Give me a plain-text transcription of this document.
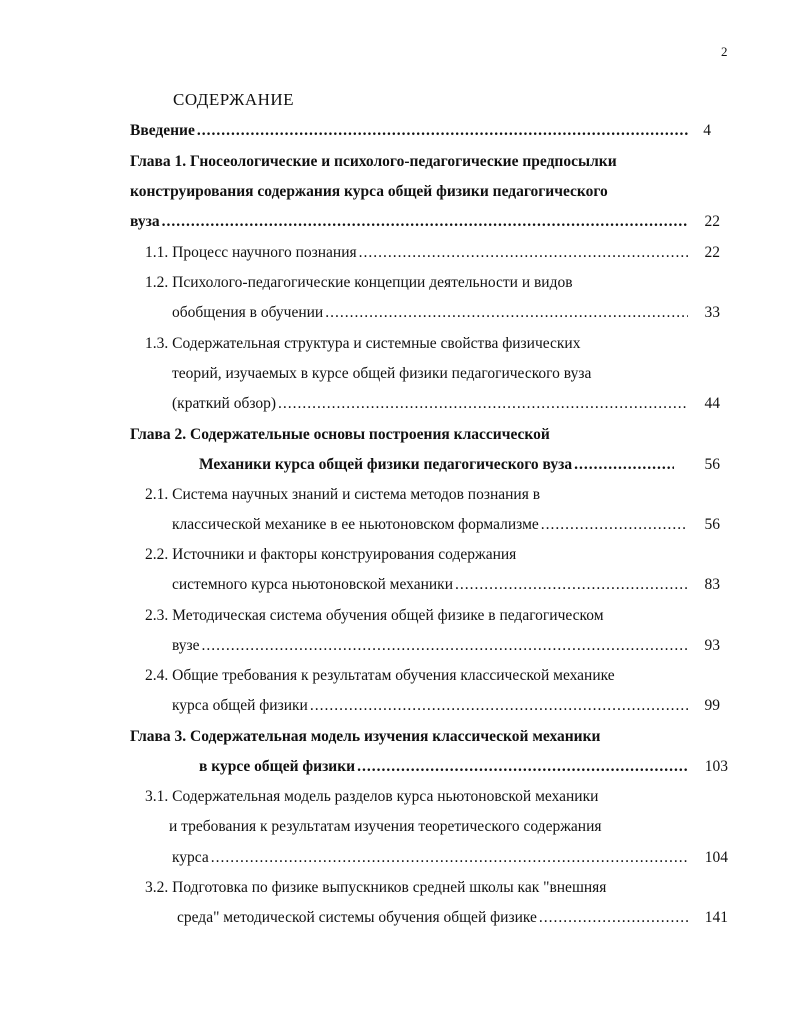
2
СОДЕРЖАНИЕ
Введение .....	4
Глава 1. Гносеологические и психолого-педагогические предпосылки
конструирования содержания курса общей физики педагогического
вуза .....	22
1.1. Процесс научного познания .....	22
1.2. Психолого-педагогические концепции деятельности и видов
обобщения в обучении .....	33
1.3. Содержательная структура и системные свойства физических
теорий, изучаемых в курсе общей физики педагогического вуза
(краткий обзор) .....	44
Глава 2. Содержательные основы построения классической
Механики курса общей физики педагогического вуза .....	56
2.1. Система научных знаний и система методов познания в
классической механике в ее ньютоновском формализме .....	56
2.2. Источники и факторы конструирования содержания
системного курса ньютоновской механики .....	83
2.3. Методическая система обучения общей физике в педагогическом
вузе .....	93
2.4. Общие требования к результатам обучения классической механике
курса общей физики .....	99
Глава 3. Содержательная модель изучения классической механики
в курсе общей физики .....	103
3.1. Содержательная модель разделов курса ньютоновской механики
и требования к результатам изучения теоретического содержания
курса .....	104
3.2. Подготовка по физике выпускников средней школы как "внешняя
среда" методической системы обучения общей физике .....	141
